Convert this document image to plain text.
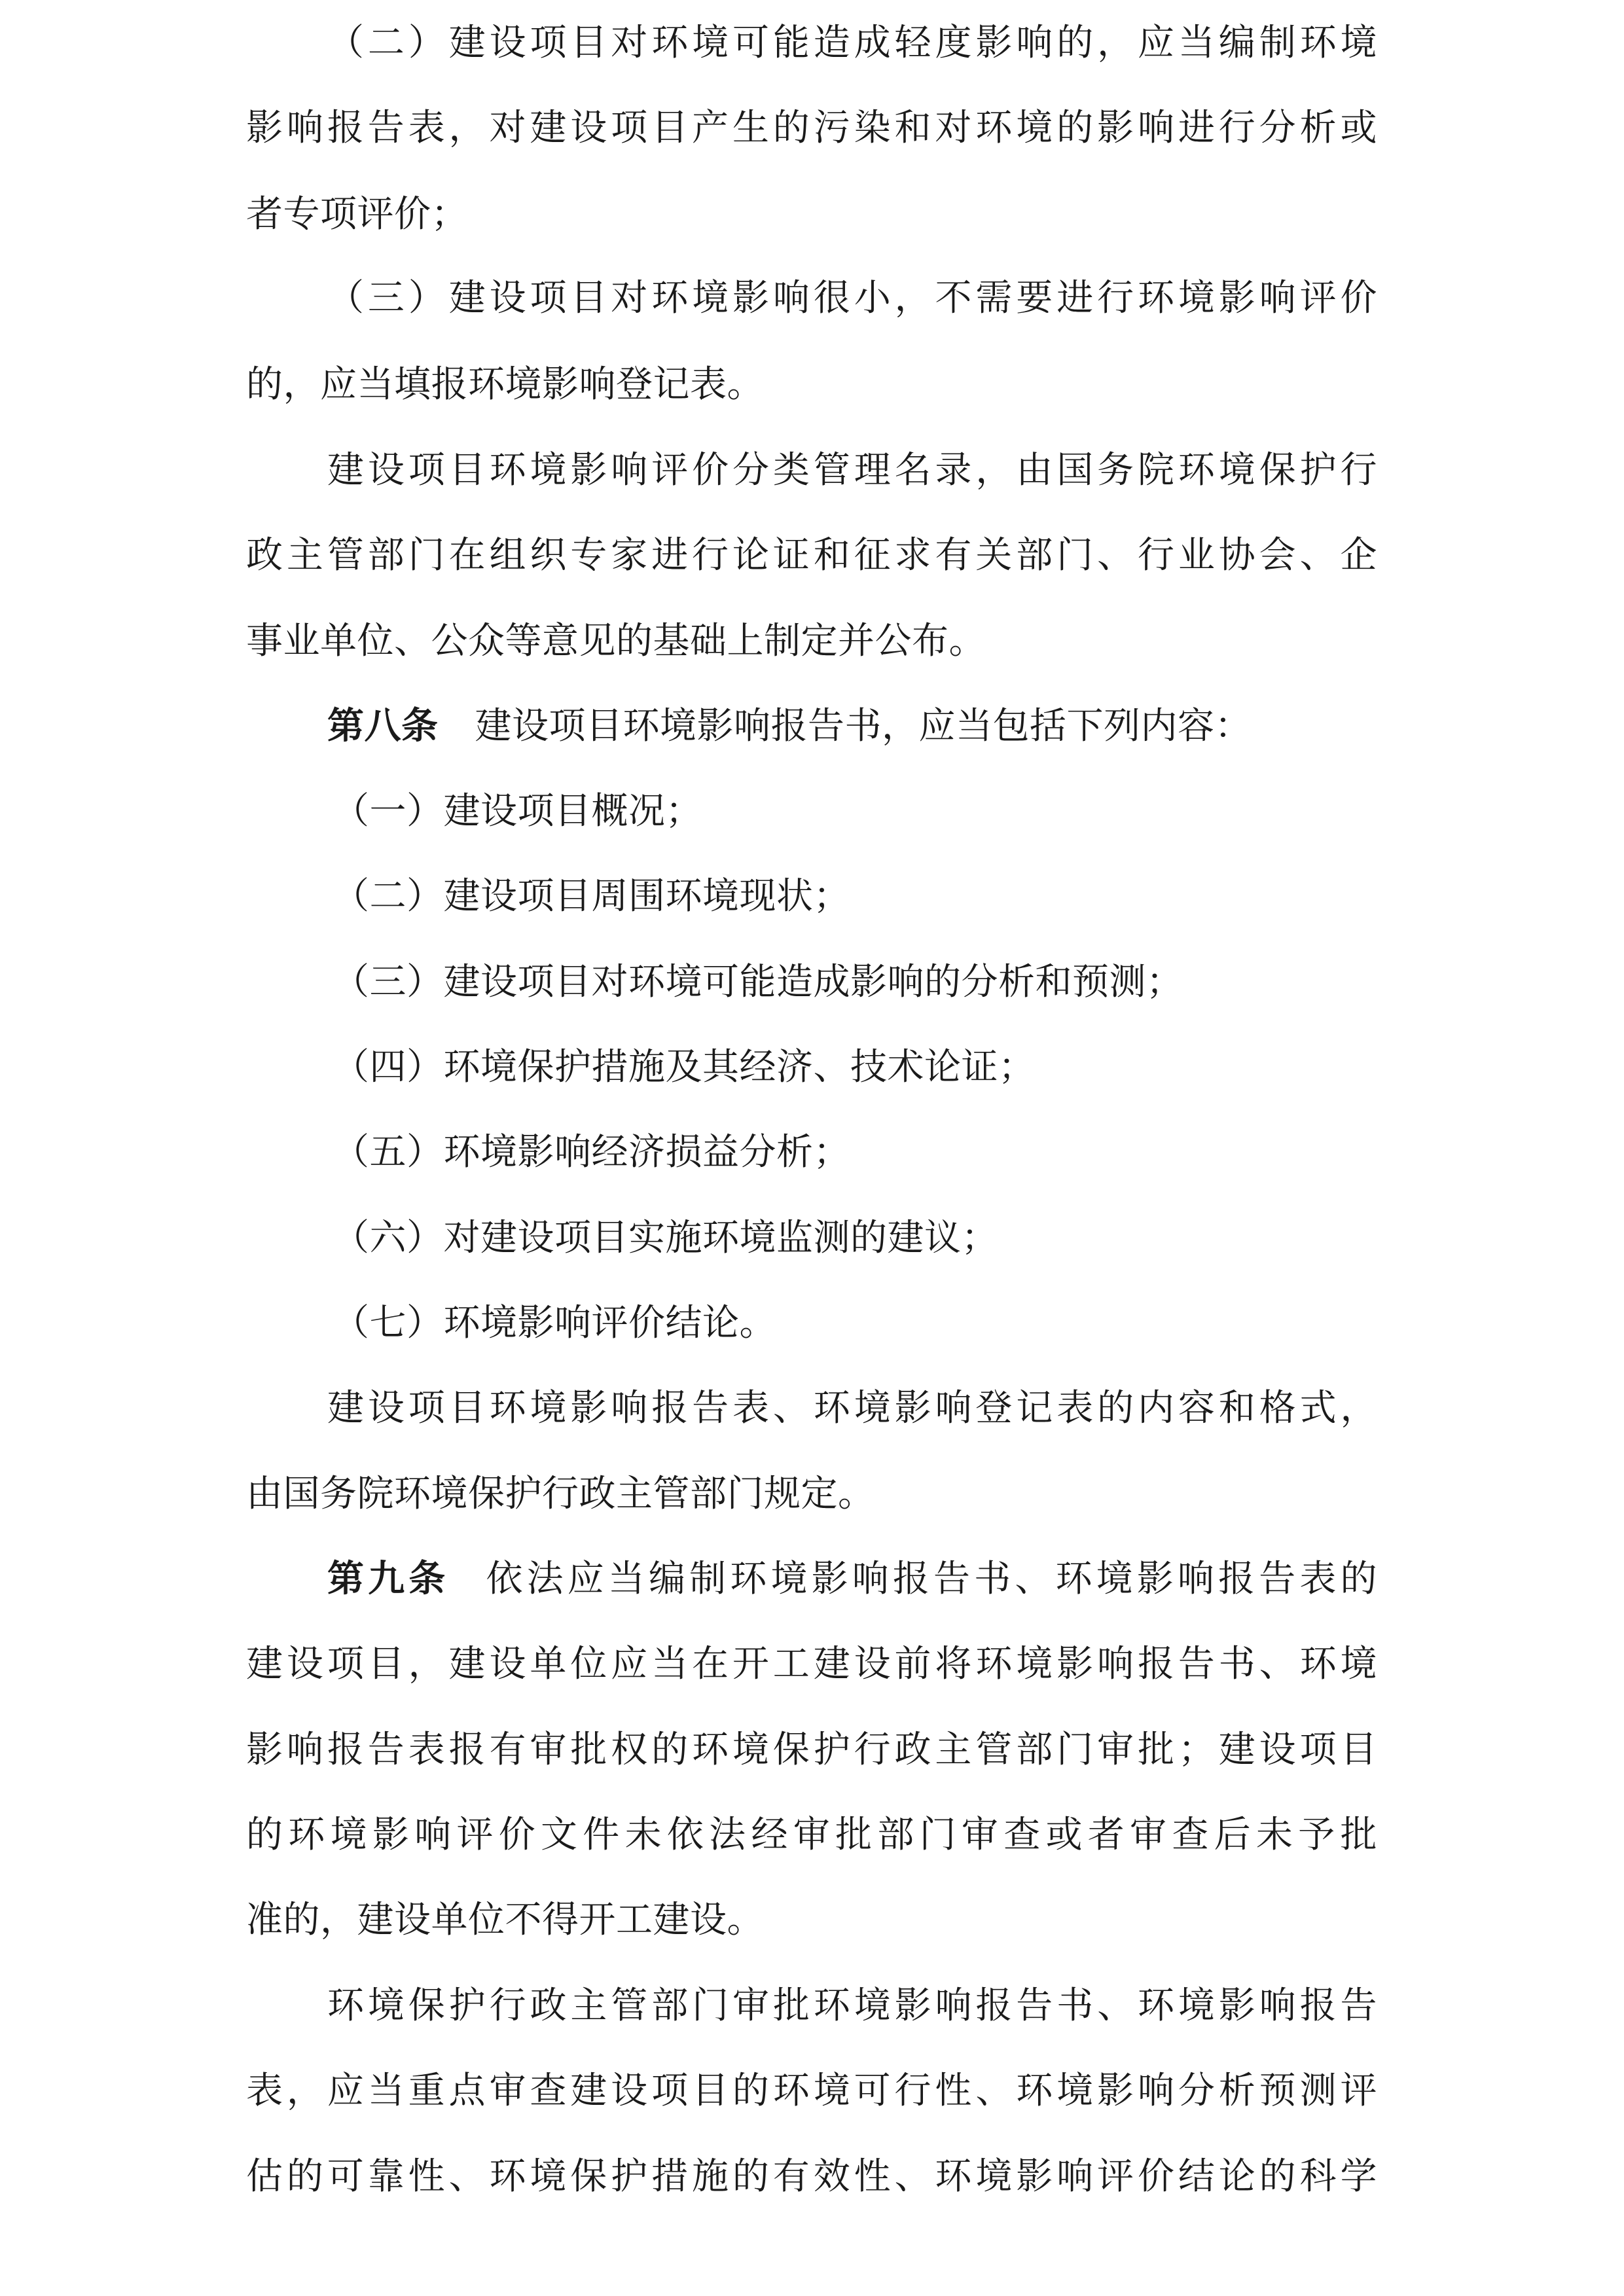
（二）建设项目对环境可能造成轻度影响的，应当编制环境
影响报告表，对建设项目产生的污染和对环境的影响进行分析或
者专项评价；
（三）建设项目对环境影响很小，不需要进行环境影响评价
的，应当填报环境影响登记表。
建设项目环境影响评价分类管理名录，由国务院环境保护行
政主管部门在组织专家进行论证和征求有关部门、行业协会、企
事业单位、公众等意见的基础上制定并公布。
第八条 建设项目环境影响报告书，应当包括下列内容：
（一）建设项目概况；
（二）建设项目周围环境现状；
（三）建设项目对环境可能造成影响的分析和预测；
（四）环境保护措施及其经济、技术论证；
（五）环境影响经济损益分析；
（六）对建设项目实施环境监测的建议；
（七）环境影响评价结论。
建设项目环境影响报告表、环境影响登记表的内容和格式，
由国务院环境保护行政主管部门规定。
第九条 依法应当编制环境影响报告书、环境影响报告表的
建设项目，建设单位应当在开工建设前将环境影响报告书、环境
影响报告表报有审批权的环境保护行政主管部门审批；建设项目
的环境影响评价文件未依法经审批部门审查或者审查后未予批
准的，建设单位不得开工建设。
环境保护行政主管部门审批环境影响报告书、环境影响报告
表，应当重点审查建设项目的环境可行性、环境影响分析预测评
估的可靠性、环境保护措施的有效性、环境影响评价结论的科学
